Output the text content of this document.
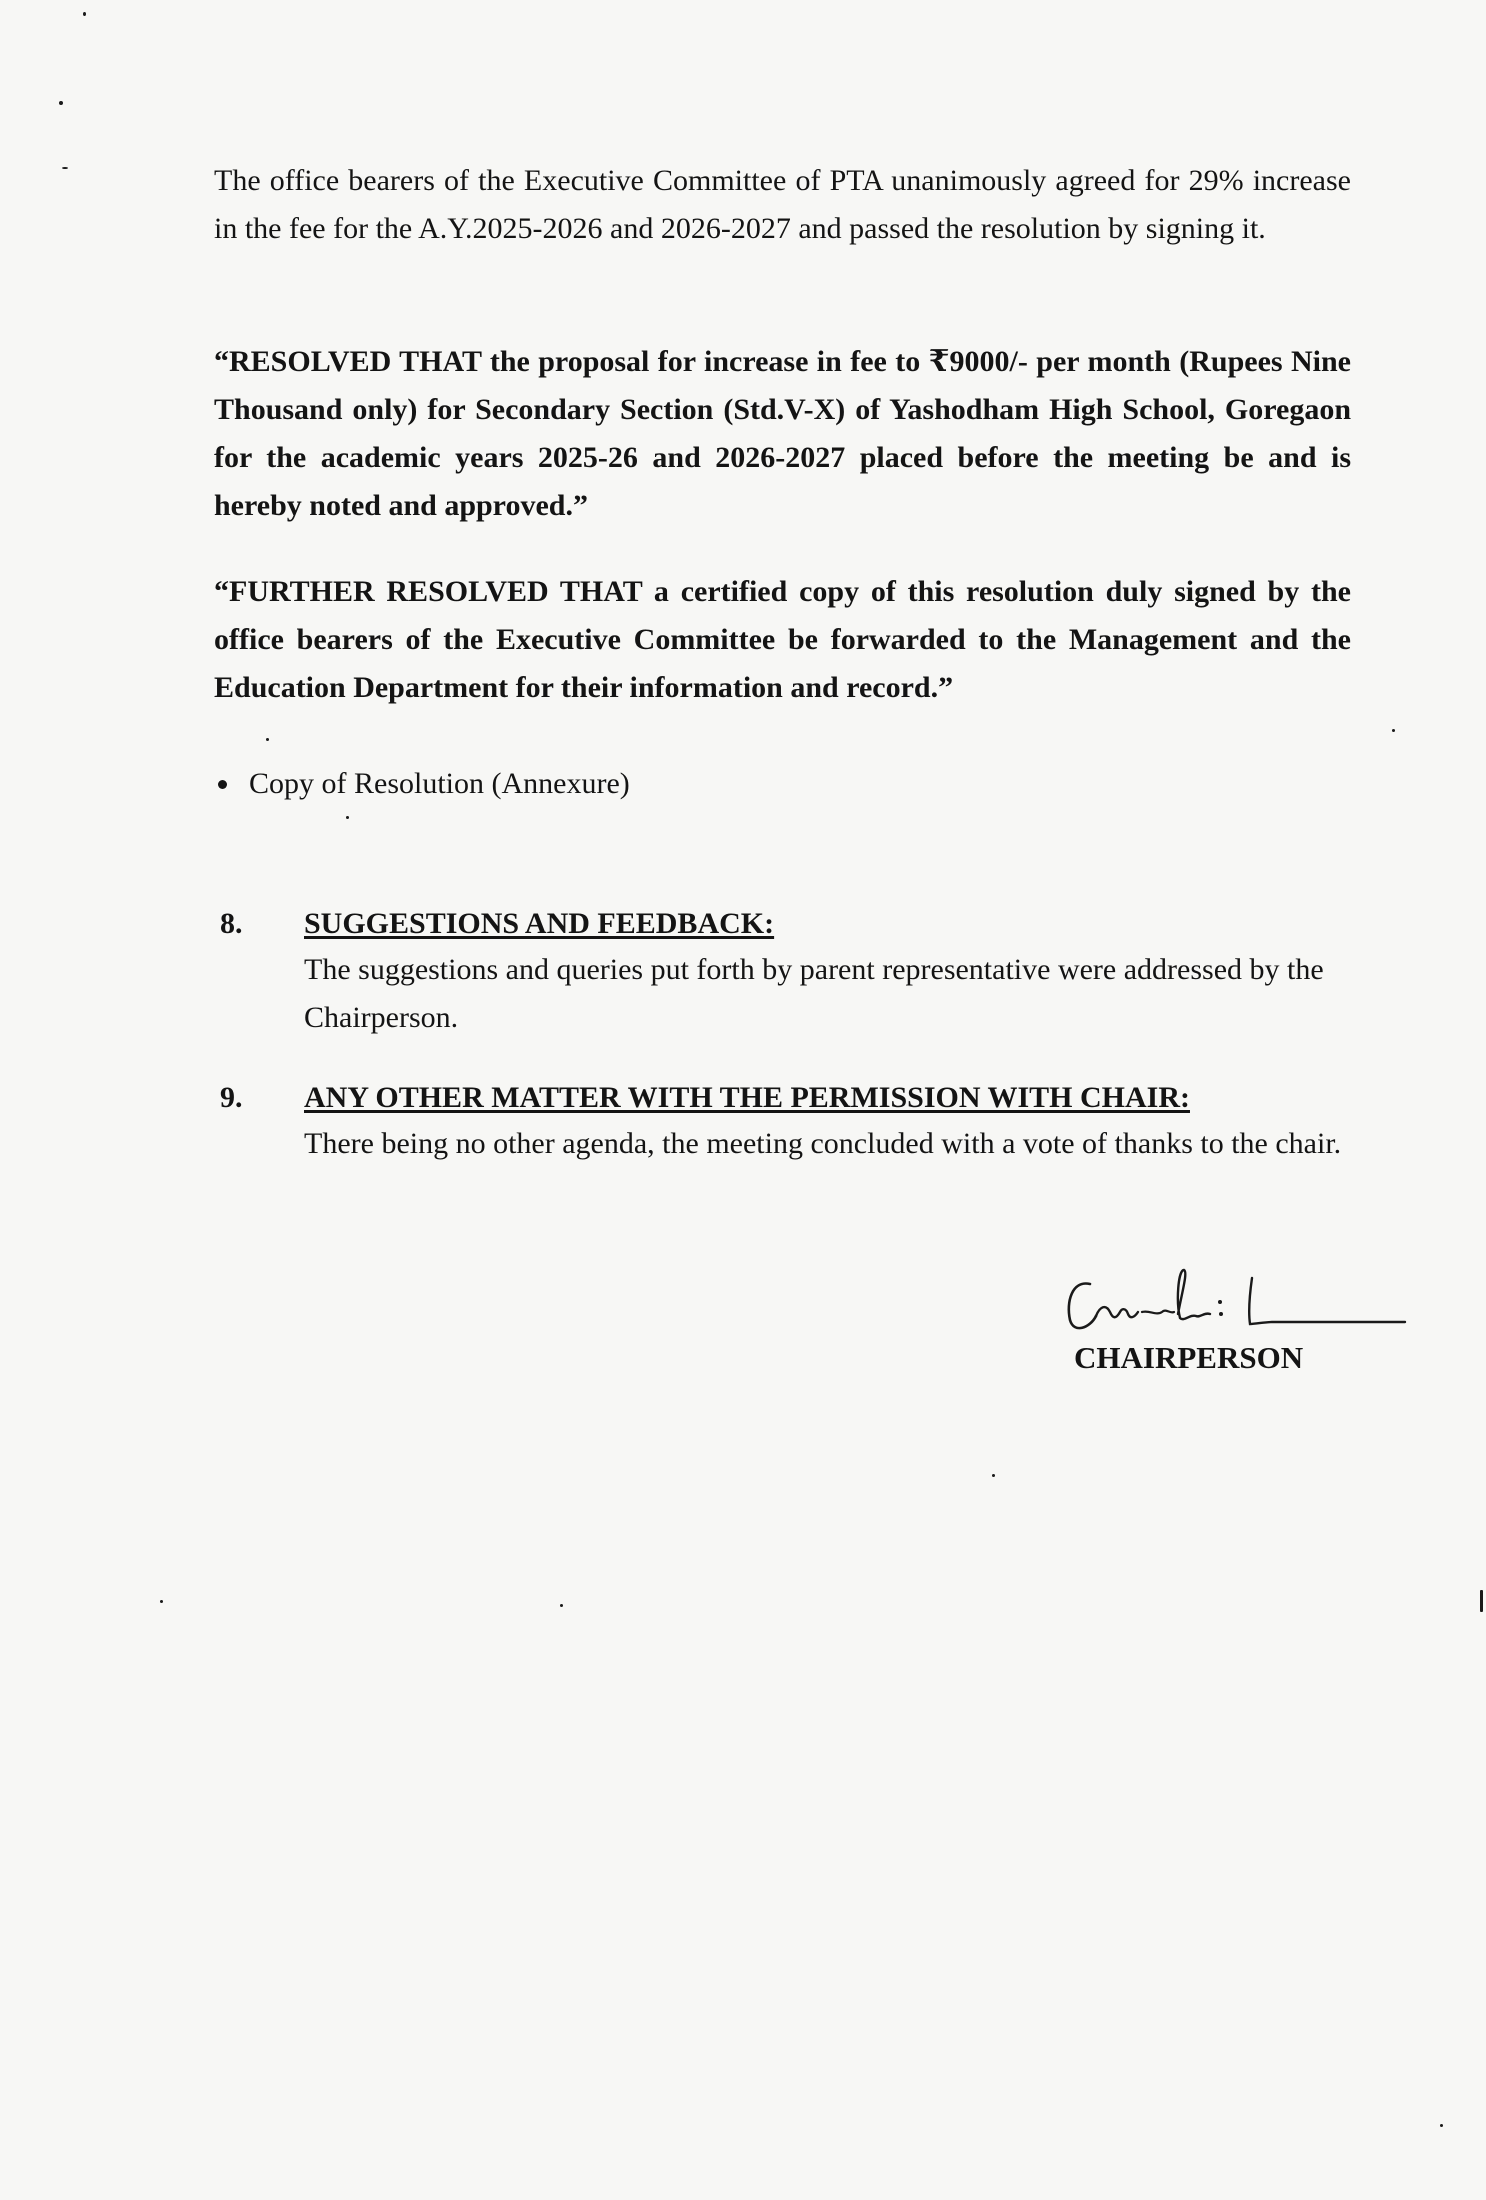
The office bearers of the Executive Committee of PTA unanimously agreed for 29% increase in the fee for the A.Y.2025-2026 and 2026-2027 and passed the resolution by signing it.

“RESOLVED THAT the proposal for increase in fee to ₹9000/- per month (Rupees Nine Thousand only) for Secondary Section (Std.V-X) of Yashodham High School, Goregaon for the academic years 2025-26 and 2026-2027 placed before the meeting be and is hereby noted and approved.”

“FURTHER RESOLVED THAT a certified copy of this resolution duly signed by the office bearers of the Executive Committee be forwarded to the Management and the Education Department for their information and record.”

Copy of Resolution (Annexure)
8. SUGGESTIONS AND FEEDBACK:

The suggestions and queries put forth by parent representative were addressed by the Chairperson.

9. ANY OTHER MATTER WITH THE PERMISSION WITH CHAIR:

There being no other agenda, the meeting concluded with a vote of thanks to the chair.

CHAIRPERSON
